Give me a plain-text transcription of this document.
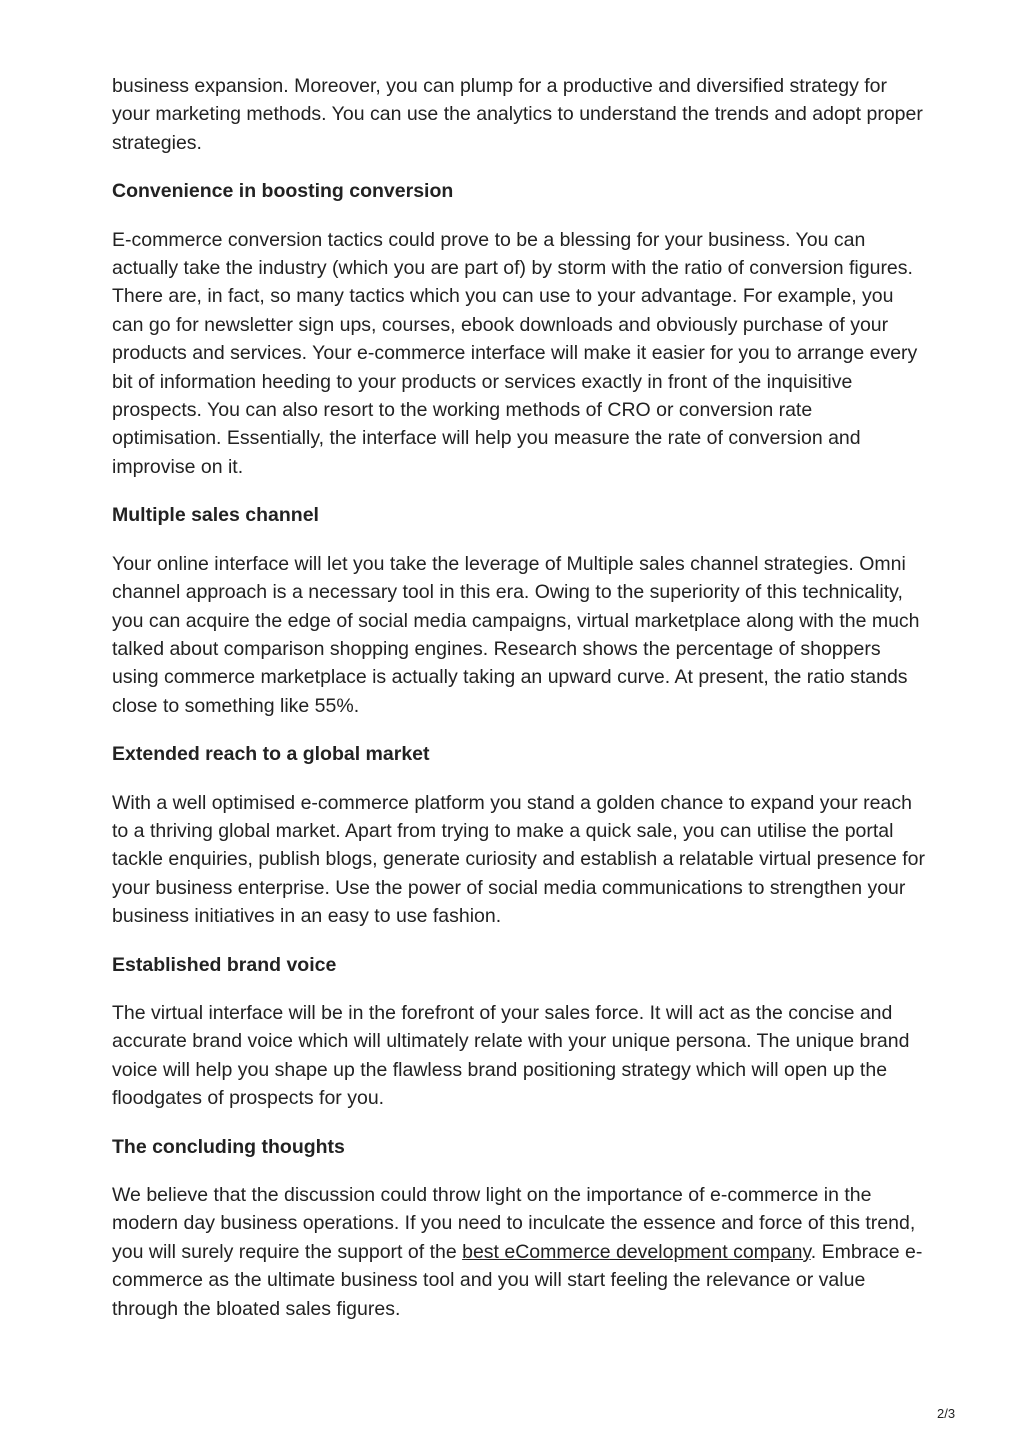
business expansion. Moreover, you can plump for a productive and diversified strategy for your marketing methods. You can use the analytics to understand the trends and adopt proper strategies.

Convenience in boosting conversion

E-commerce conversion tactics could prove to be a blessing for your business. You can actually take the industry (which you are part of) by storm with the ratio of conversion figures. There are, in fact, so many tactics which you can use to your advantage. For example, you can go for newsletter sign ups, courses, ebook downloads and obviously purchase of your products and services. Your e-commerce interface will make it easier for you to arrange every bit of information heeding to your products or services exactly in front of the inquisitive prospects. You can also resort to the working methods of CRO or conversion rate optimisation. Essentially, the interface will help you measure the rate of conversion and improvise on it.

Multiple sales channel

Your online interface will let you take the leverage of Multiple sales channel strategies. Omni channel approach is a necessary tool in this era. Owing to the superiority of this technicality, you can acquire the edge of social media campaigns, virtual marketplace along with the much talked about comparison shopping engines. Research shows the percentage of shoppers using commerce marketplace is actually taking an upward curve. At present, the ratio stands close to something like 55%.

Extended reach to a global market

With a well optimised e-commerce platform you stand a golden chance to expand your reach to a thriving global market. Apart from trying to make a quick sale, you can utilise the portal tackle enquiries, publish blogs, generate curiosity and establish a relatable virtual presence for your business enterprise. Use the power of social media communications to strengthen your business initiatives in an easy to use fashion.

Established brand voice

The virtual interface will be in the forefront of your sales force. It will act as the concise and accurate brand voice which will ultimately relate with your unique persona. The unique brand voice will help you shape up the flawless brand positioning strategy which will open up the floodgates of prospects for you.

The concluding thoughts

We believe that the discussion could throw light on the importance of e-commerce in the modern day business operations. If you need to inculcate the essence and force of this trend, you will surely require the support of the best eCommerce development company. Embrace e-commerce as the ultimate business tool and you will start feeling the relevance or value through the bloated sales figures.

2/3
